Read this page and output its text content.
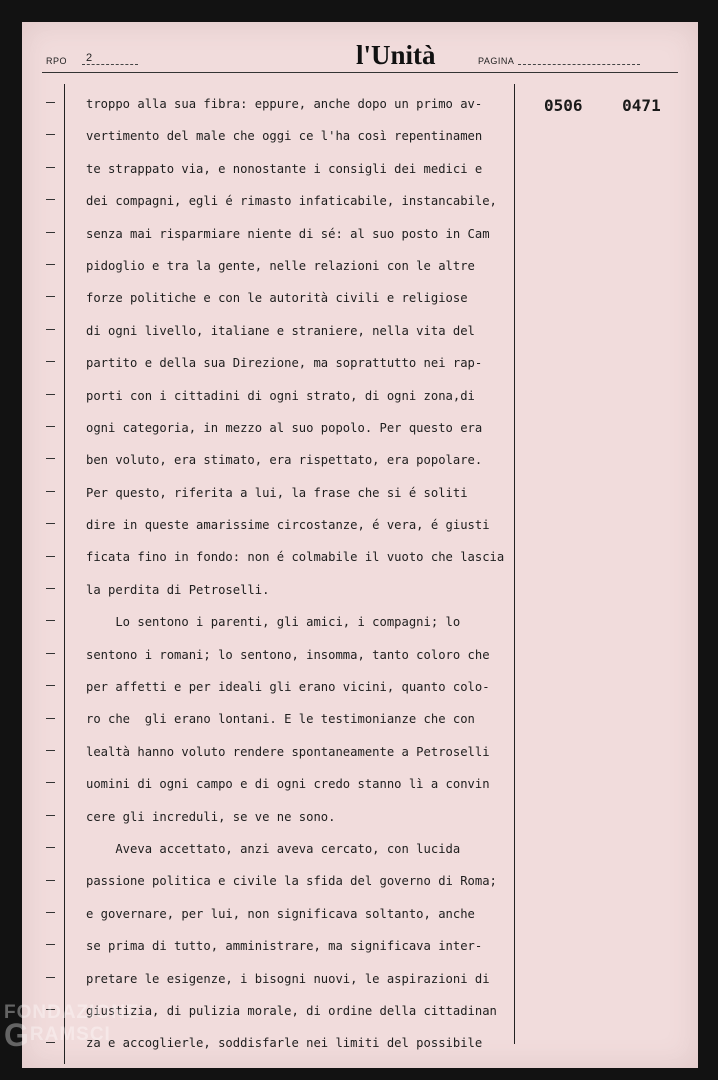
RPO	2	l'Unità	PAGINA
0506 0471
troppo alla sua fibra: eppure, anche dopo un primo av-
vertimento del male che oggi ce l'ha così repentinamen
te strappato via, e nonostante i consigli dei medici e
dei compagni, egli é rimasto infaticabile, instancabile,
senza mai risparmiare niente di sé: al suo posto in Cam
pidoglio e tra la gente, nelle relazioni con le altre
forze politiche e con le autorità civili e religiose
di ogni livello, italiane e straniere, nella vita del
partito e della sua Direzione, ma soprattutto nei rap-
porti con i cittadini di ogni strato, di ogni zona,di
ogni categoria, in mezzo al suo popolo. Per questo era
ben voluto, era stimato, era rispettato, era popolare.
Per questo, riferita a lui, la frase che si é soliti
dire in queste amarissime circostanze, é vera, é giusti
ficata fino in fondo: non é colmabile il vuoto che lascia
la perdita di Petroselli.
Lo sentono i parenti, gli amici, i compagni; lo
sentono i romani; lo sentono, insomma, tanto coloro che
per affetti e per ideali gli erano vicini, quanto colo-
ro che  gli erano lontani. E le testimonianze che con
lealtà hanno voluto rendere spontaneamente a Petroselli
uomini di ogni campo e di ogni credo stanno lì a convin
cere gli increduli, se ve ne sono.
Aveva accettato, anzi aveva cercato, con lucida
passione politica e civile la sfida del governo di Roma;
e governare, per lui, non significava soltanto, anche
se prima di tutto, amministrare, ma significava inter-
pretare le esigenze, i bisogni nuovi, le aspirazioni di
giustizia, di pulizia morale, di ordine della cittadinan
za e accoglierle, soddisfarle nei limiti del possibile
FONDAZIONE
GRAMSCI
